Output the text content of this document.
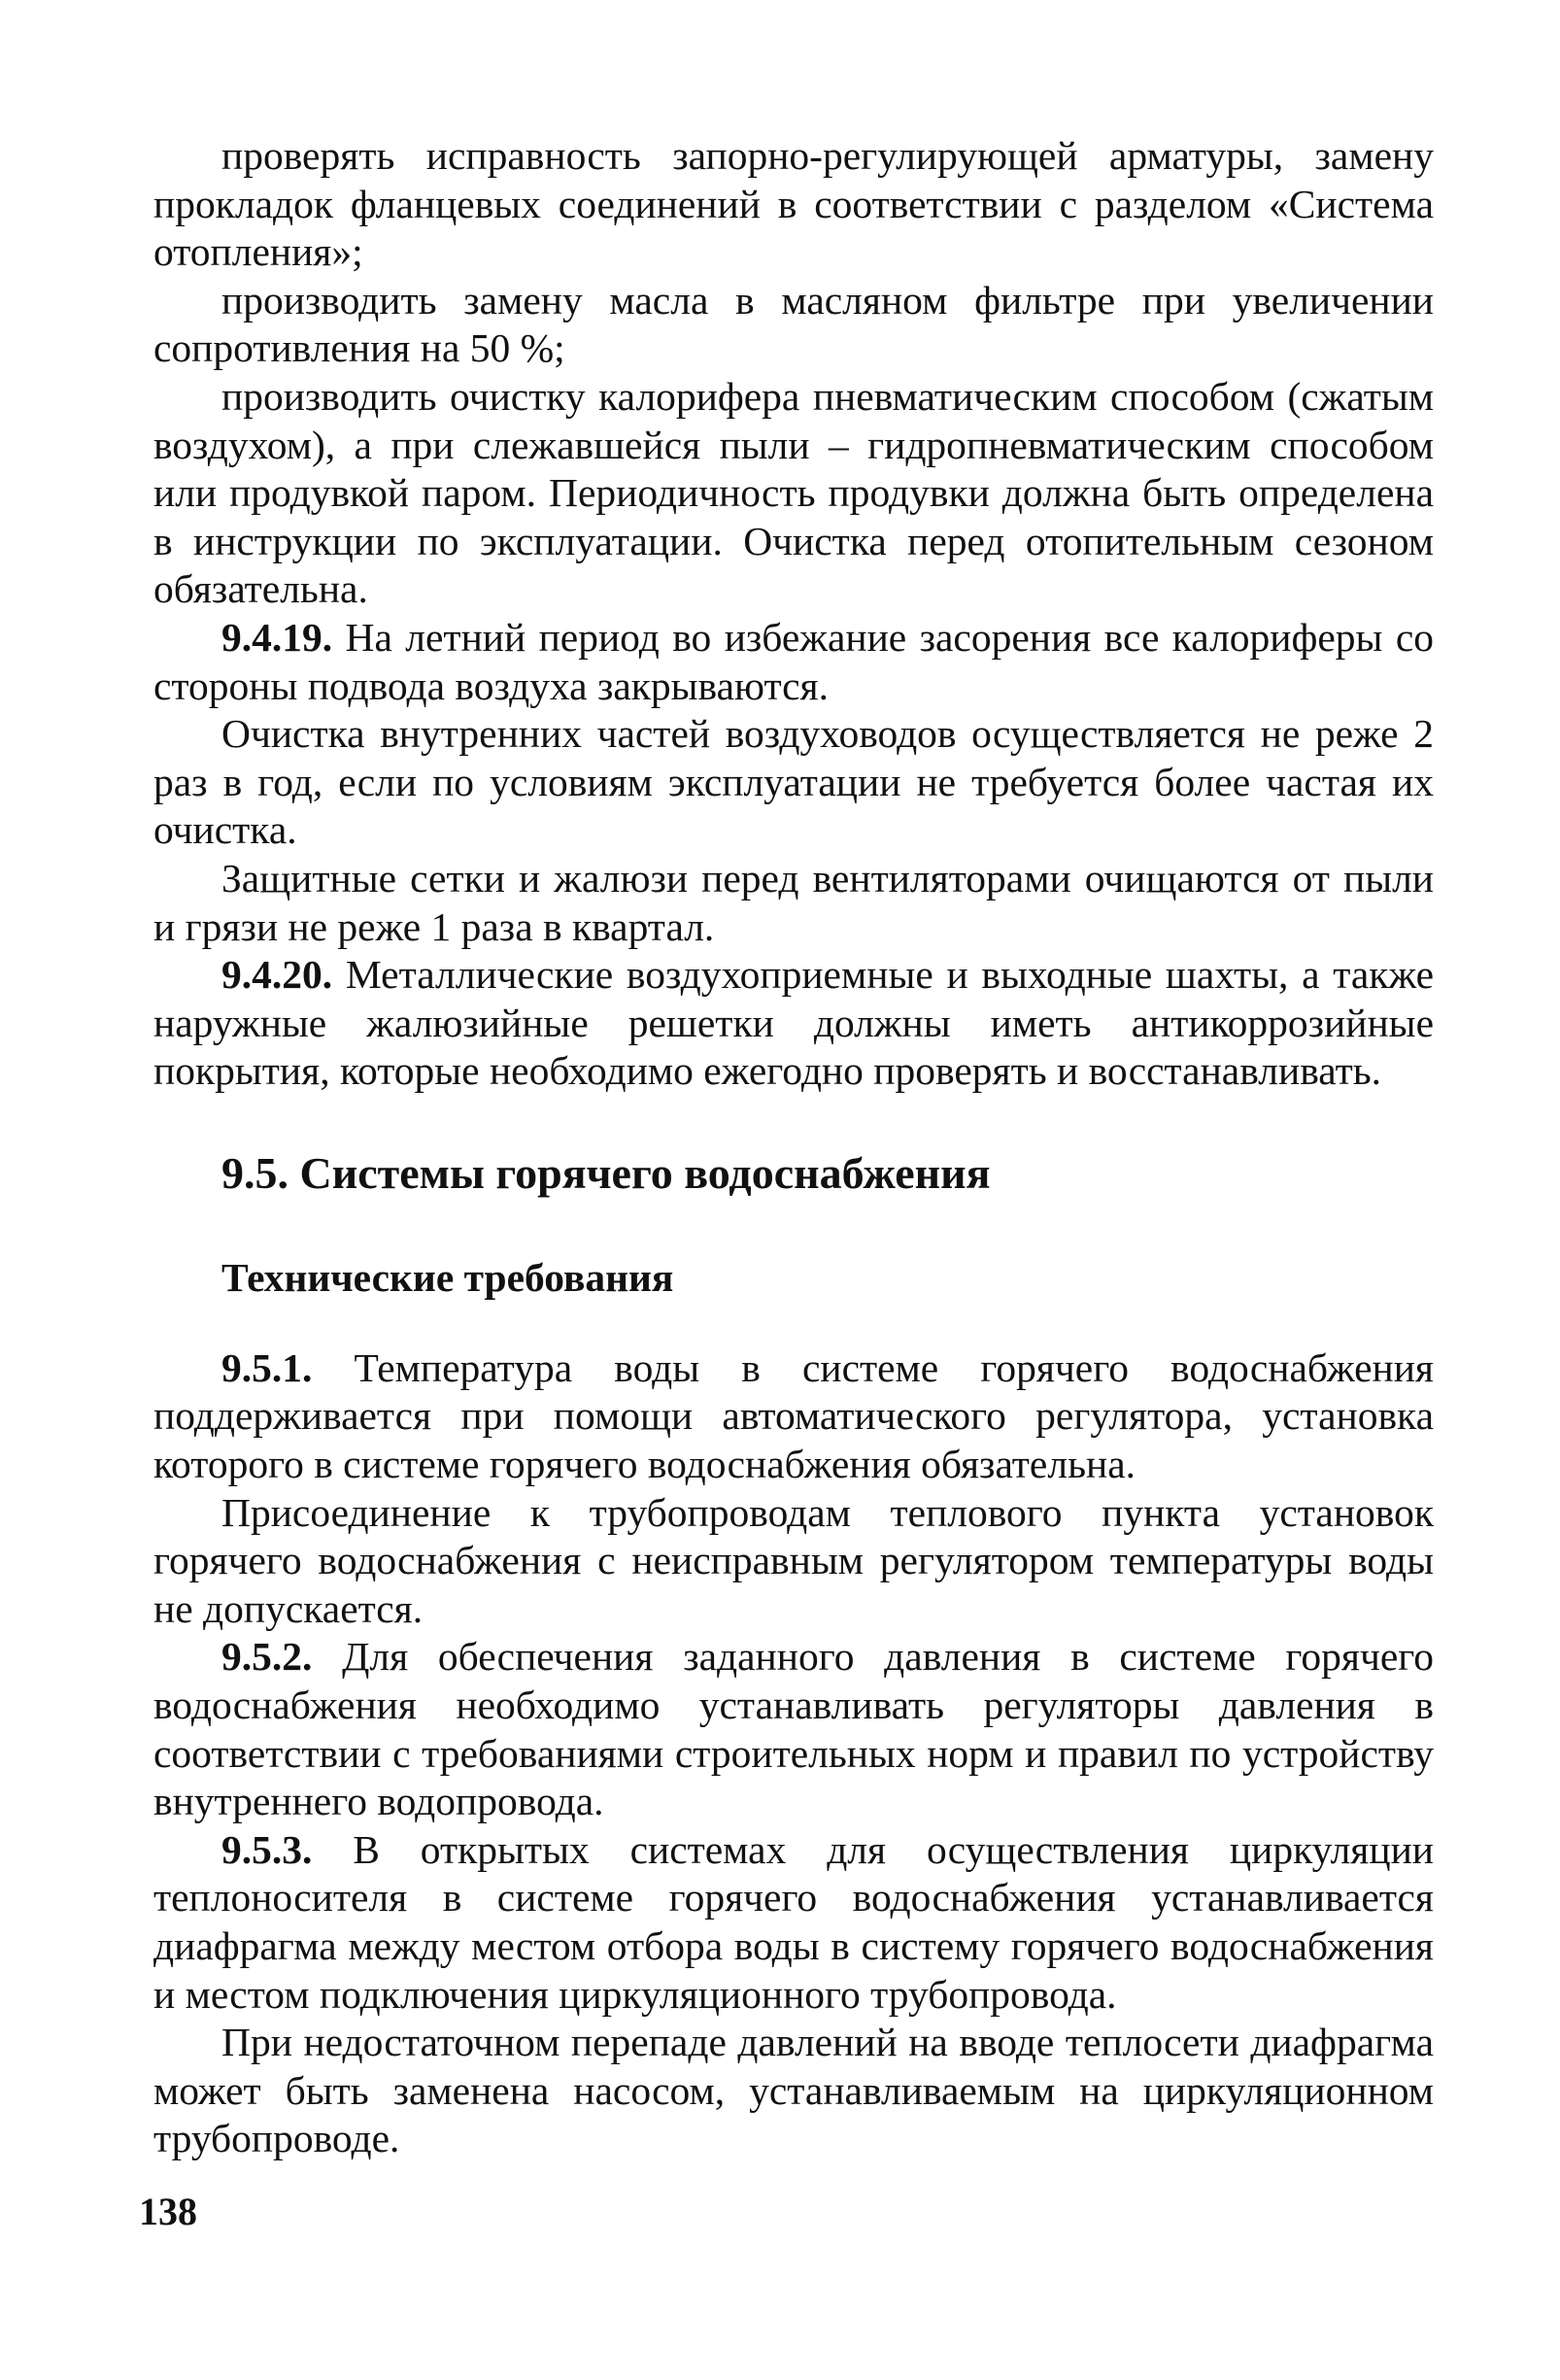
проверять исправность запорно-регулирующей арматуры, замену прокладок фланцевых соединений в соответствии с разделом «Система отопления»;

производить замену масла в масляном фильтре при увеличении сопротивления на 50 %;

производить очистку калорифера пневматическим способом (сжатым воздухом), а при слежавшейся пыли – гидропневматическим способом или продувкой паром. Периодичность продувки должна быть определена в инструкции по эксплуатации. Очистка перед отопительным сезоном обязательна.

9.4.19. На летний период во избежание засорения все калориферы со стороны подвода воздуха закрываются.

Очистка внутренних частей воздуховодов осуществляется не реже 2 раз в год, если по условиям эксплуатации не требуется более частая их очистка.

Защитные сетки и жалюзи перед вентиляторами очищаются от пыли и грязи не реже 1 раза в квартал.

9.4.20. Металлические воздухоприемные и выходные шахты, а также наружные жалюзийные решетки должны иметь антикоррозийные покрытия, которые необходимо ежегодно проверять и восстанавливать.

9.5. Системы горячего водоснабжения
Технические требования

9.5.1. Температура воды в системе горячего водоснабжения поддерживается при помощи автоматического регулятора, установка которого в системе горячего водоснабжения обязательна.

Присоединение к трубопроводам теплового пункта установок горячего водоснабжения с неисправным регулятором температуры воды не допускается.

9.5.2. Для обеспечения заданного давления в системе горячего водоснабжения необходимо устанавливать регуляторы давления в соответствии с требованиями строительных норм и правил по устройству внутреннего водопровода.

9.5.3. В открытых системах для осуществления циркуляции теплоносителя в системе горячего водоснабжения устанавливается диафрагма между местом отбора воды в систему горячего водоснабжения и местом подключения циркуляционного трубопровода.

При недостаточном перепаде давлений на вводе теплосети диафрагма может быть заменена насосом, устанавливаемым на циркуляционном трубопроводе.

138
